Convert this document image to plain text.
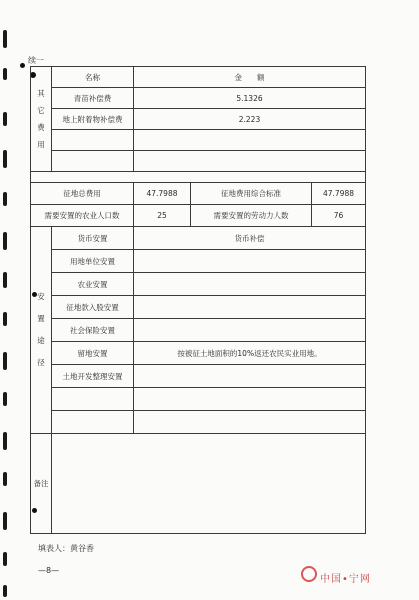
续一
其
它
费
用	名称	金  额		
	青苗补偿费	5.1326		
	地上附着物补偿费	2.223		

征地总费用		47.7988	征地费用综合标准	47.7988
需要安置的农业人口数		25	需要安置的劳动力人数	76
安
置
途
径	货币安置	货币补偿		
	用地单位安置			
	农业安置			
	征地款入股安置			
	社会保险安置			
	留地安置	按被征土地面积的10%返还农民实业用地。		
	土地开发整理安置			

备注				
填表人：黄谷香
—8—
中国•宁网
